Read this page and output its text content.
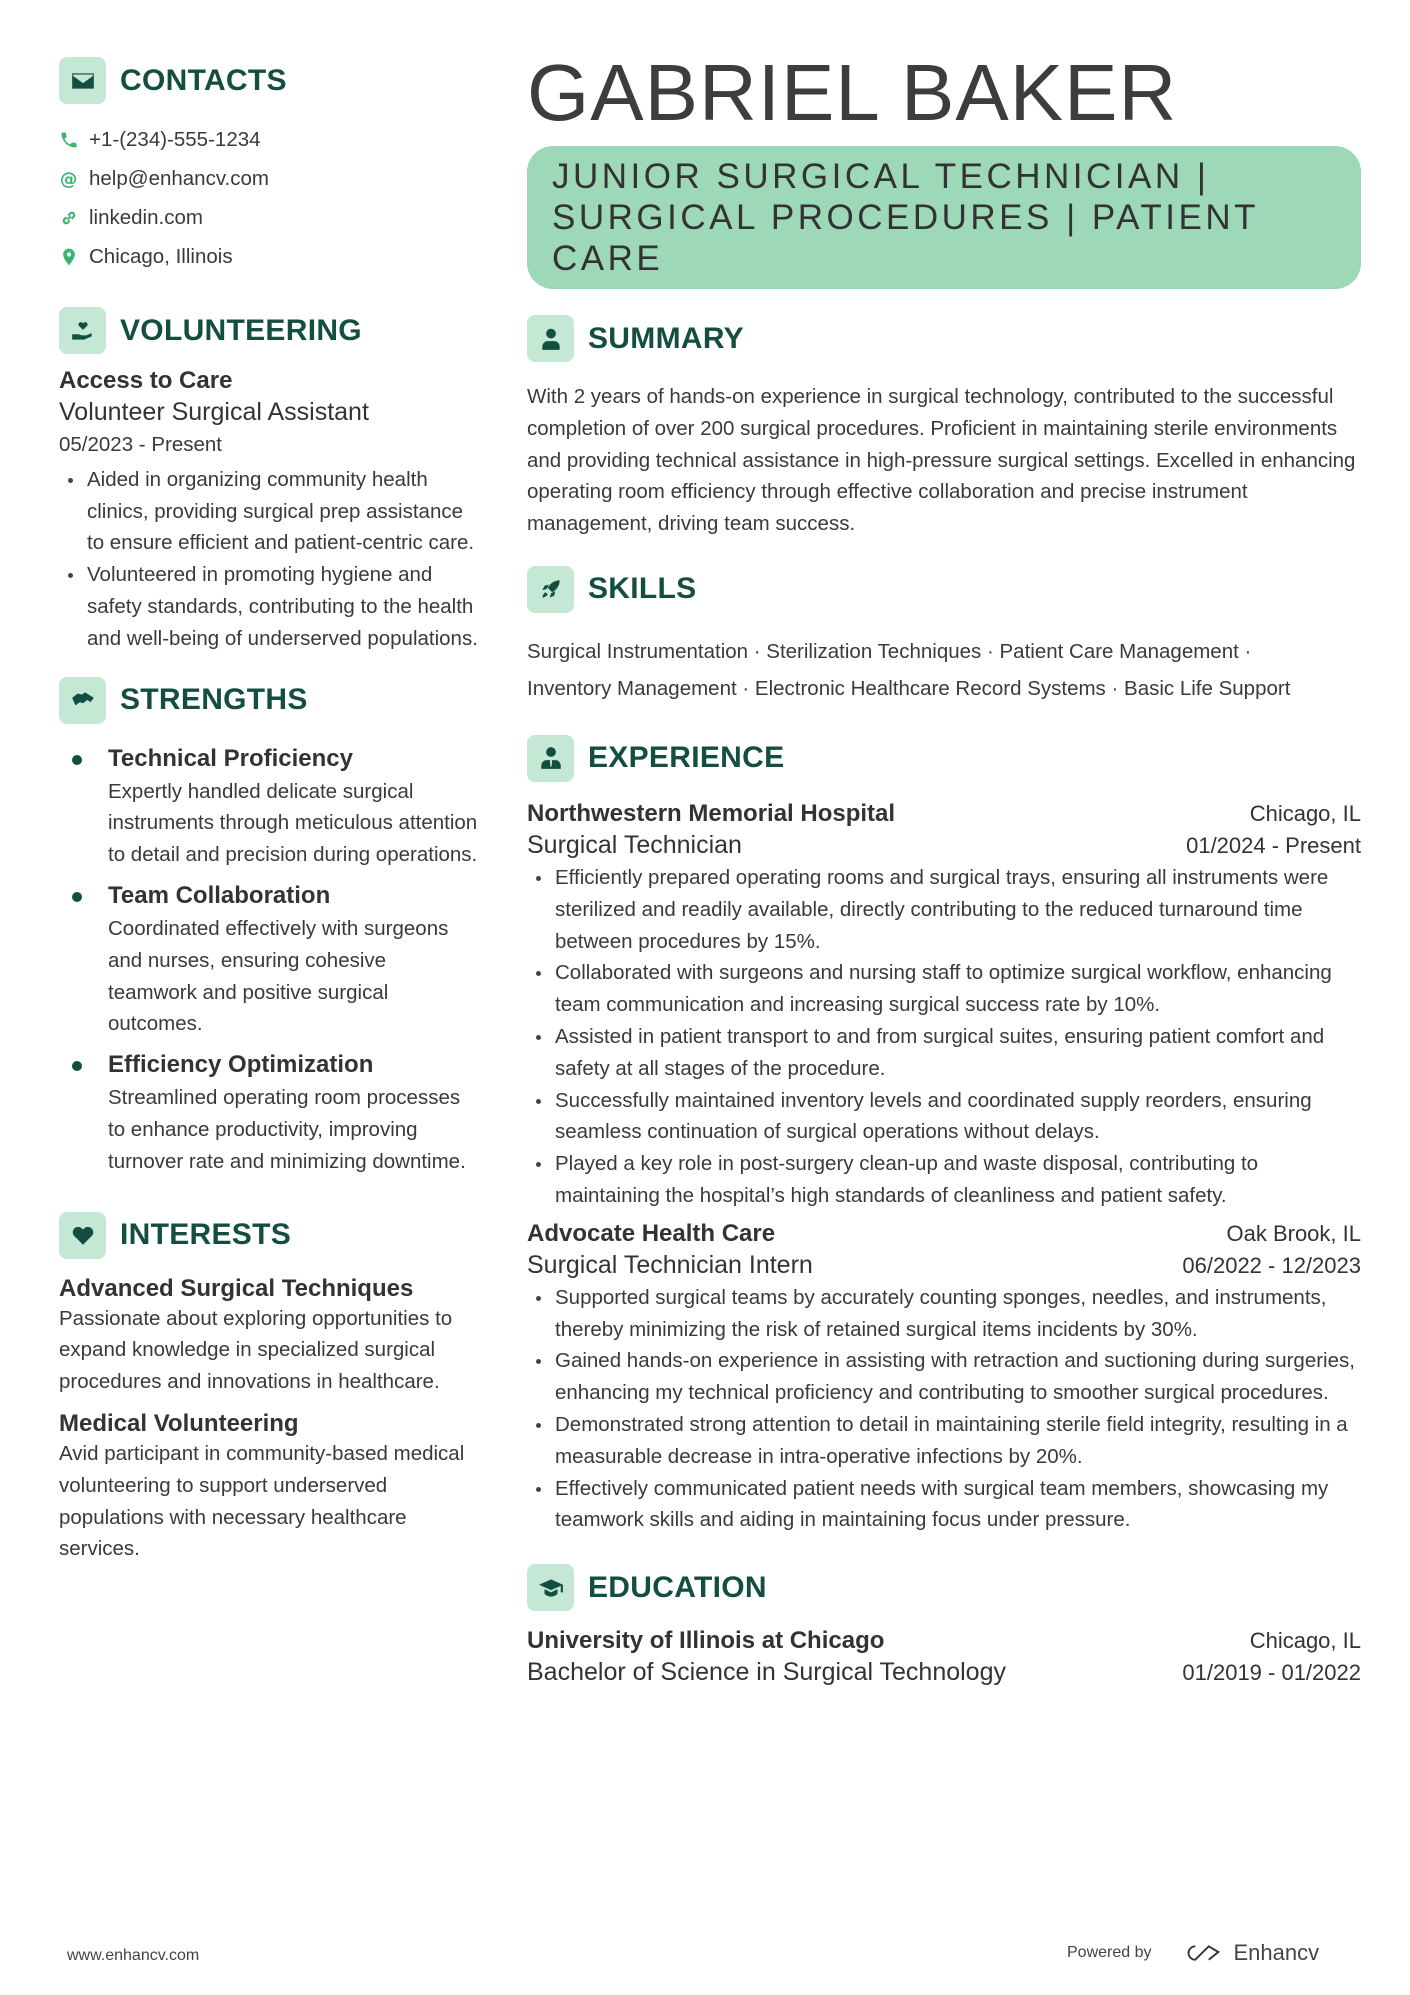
CONTACTS
+1-(234)-555-1234
@ help@enhancv.com
linkedin.com
Chicago, Illinois
VOLUNTEERING
Access to Care
Volunteer Surgical Assistant
05/2023 - Present
Aided in organizing community health clinics, providing surgical prep assistance to ensure efficient and patient-centric care.
Volunteered in promoting hygiene and safety standards, contributing to the health and well-being of underserved populations.
STRENGTHS
Technical Proficiency
Expertly handled delicate surgical instruments through meticulous attention to detail and precision during operations.
Team Collaboration
Coordinated effectively with surgeons and nurses, ensuring cohesive teamwork and positive surgical outcomes.
Efficiency Optimization
Streamlined operating room processes to enhance productivity, improving turnover rate and minimizing downtime.
INTERESTS
Advanced Surgical Techniques
Passionate about exploring opportunities to expand knowledge in specialized surgical procedures and innovations in healthcare.
Medical Volunteering
Avid participant in community-based medical volunteering to support underserved populations with necessary healthcare services.
GABRIEL BAKER
JUNIOR SURGICAL TECHNICIAN |
SURGICAL PROCEDURES | PATIENT CARE
SUMMARY

With 2 years of hands-on experience in surgical technology, contributed to the successful completion of over 200 surgical procedures. Proficient in maintaining sterile environments and providing technical assistance in high-pressure surgical settings. Excelled in enhancing operating room efficiency through effective collaboration and precise instrument management, driving team success.

SKILLS
Surgical Instrumentation · Sterilization Techniques · Patient Care Management ·
Inventory Management · Electronic Healthcare Record Systems · Basic Life Support
EXPERIENCE
Northwestern Memorial Hospital	Chicago, IL
Surgical Technician	01/2024 - Present
Efficiently prepared operating rooms and surgical trays, ensuring all instruments were sterilized and readily available, directly contributing to the reduced turnaround time between procedures by 15%.
Collaborated with surgeons and nursing staff to optimize surgical workflow, enhancing team communication and increasing surgical success rate by 10%.
Assisted in patient transport to and from surgical suites, ensuring patient comfort and safety at all stages of the procedure.
Successfully maintained inventory levels and coordinated supply reorders, ensuring seamless continuation of surgical operations without delays.
Played a key role in post-surgery clean-up and waste disposal, contributing to maintaining the hospital’s high standards of cleanliness and patient safety.
Advocate Health Care	Oak Brook, IL
Surgical Technician Intern	06/2022 - 12/2023
Supported surgical teams by accurately counting sponges, needles, and instruments, thereby minimizing the risk of retained surgical items incidents by 30%.
Gained hands-on experience in assisting with retraction and suctioning during surgeries, enhancing my technical proficiency and contributing to smoother surgical procedures.
Demonstrated strong attention to detail in maintaining sterile field integrity, resulting in a measurable decrease in intra-operative infections by 20%.
Effectively communicated patient needs with surgical team members, showcasing my teamwork skills and aiding in maintaining focus under pressure.
EDUCATION
University of Illinois at Chicago	Chicago, IL
Bachelor of Science in Surgical Technology	01/2019 - 01/2022
www.enhancv.com	Powered by	Enhancv
